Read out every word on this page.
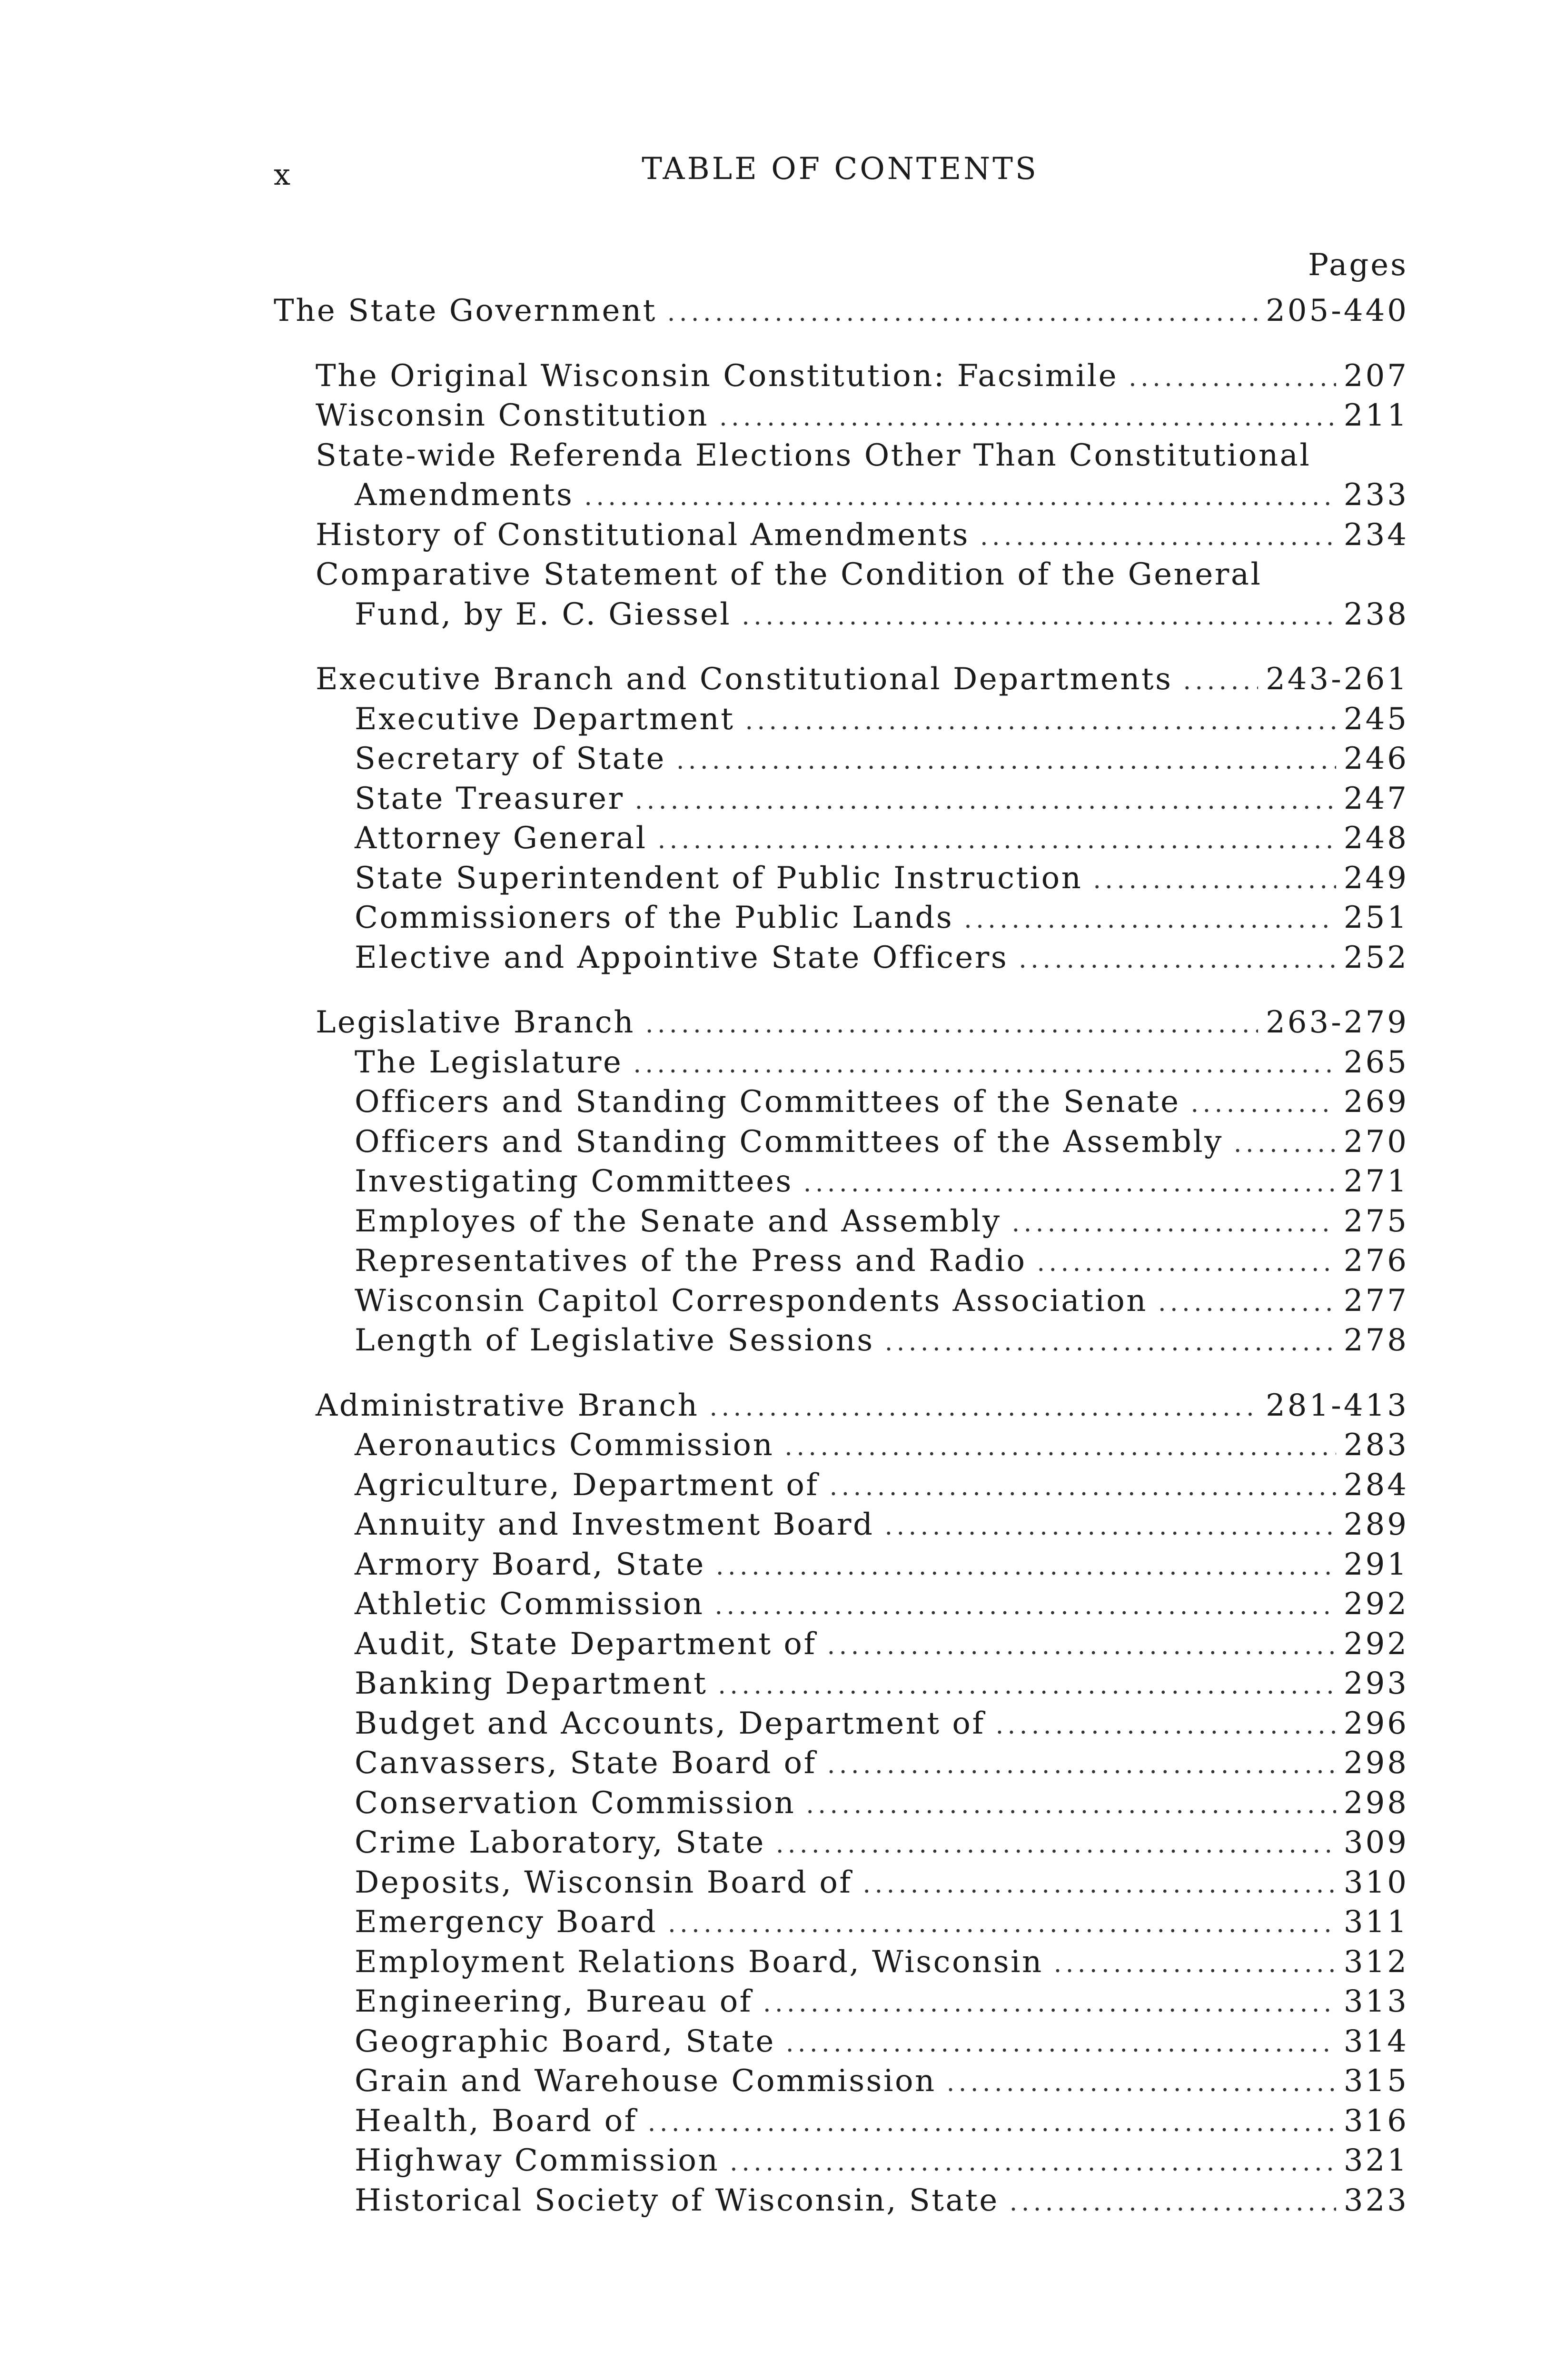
x	TABLE OF CONTENTS
Pages
The State Government . . .	205-440
The Original Wisconsin Constitution: Facsimile . . .	207
Wisconsin Constitution . . .	211
State-wide Referenda Elections Other Than Constitutional
Amendments . . .	233
History of Constitutional Amendments . . .	234
Comparative Statement of the Condition of the General
Fund, by E. C. Giessel . . .	238
Executive Branch and Constitutional Departments . . .	243-261
Executive Department . . .	245
Secretary of State . . .	246
State Treasurer . . .	247
Attorney General . . .	248
State Superintendent of Public Instruction . . .	249
Commissioners of the Public Lands . . .	251
Elective and Appointive State Officers . . .	252
Legislative Branch . . .	263-279
The Legislature . . .	265
Officers and Standing Committees of the Senate . . .	269
Officers and Standing Committees of the Assembly . . .	270
Investigating Committees . . .	271
Employes of the Senate and Assembly . . .	275
Representatives of the Press and Radio . . .	276
Wisconsin Capitol Correspondents Association . . .	277
Length of Legislative Sessions . . .	278
Administrative Branch . . .	281-413
Aeronautics Commission . . .	283
Agriculture, Department of . . .	284
Annuity and Investment Board . . .	289
Armory Board, State . . .	291
Athletic Commission . . .	292
Audit, State Department of . . .	292
Banking Department . . .	293
Budget and Accounts, Department of . . .	296
Canvassers, State Board of . . .	298
Conservation Commission . . .	298
Crime Laboratory, State . . .	309
Deposits, Wisconsin Board of . . .	310
Emergency Board . . .	311
Employment Relations Board, Wisconsin . . .	312
Engineering, Bureau of . . .	313
Geographic Board, State . . .	314
Grain and Warehouse Commission . . .	315
Health, Board of . . .	316
Highway Commission . . .	321
Historical Society of Wisconsin, State . . .	323
